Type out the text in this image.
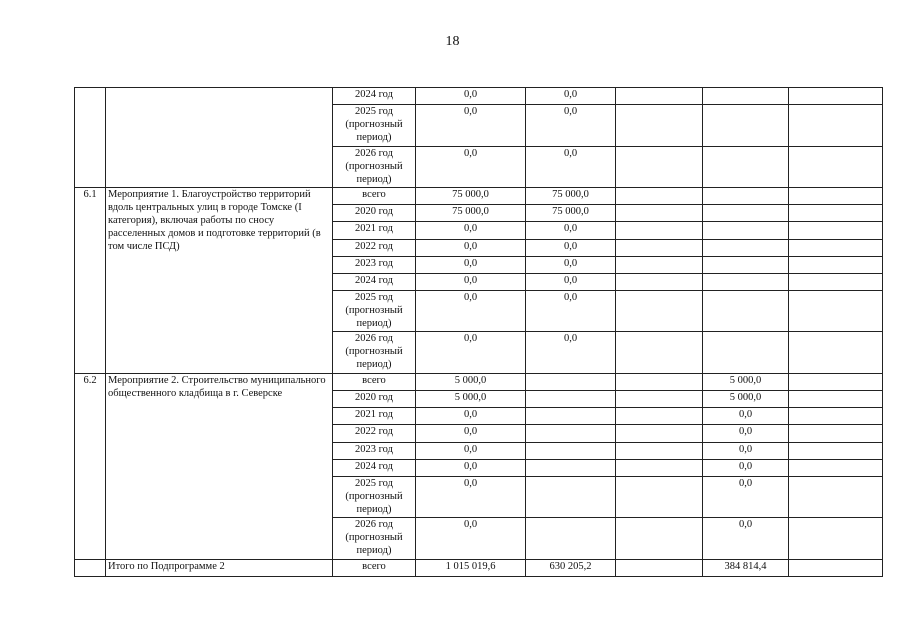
18
		2024 год	0,0	0,0			
		2025 год (прогнозный период)	0,0	0,0			
		2026 год (прогнозный период)	0,0	0,0			
6.1	Мероприятие 1. Благоустройство территорий вдоль центральных улиц в городе Томске (I категория), включая работы по сносу расселенных домов и подготовке территорий (в том числе ПСД)	всего	75 000,0	75 000,0			
		2020 год	75 000,0	75 000,0			
		2021 год	0,0	0,0			
		2022 год	0,0	0,0			
		2023 год	0,0	0,0			
		2024 год	0,0	0,0			
		2025 год (прогнозный период)	0,0	0,0			
		2026 год (прогнозный период)	0,0	0,0			
6.2	Мероприятие 2. Строительство муниципального общественного кладбища в г. Северске	всего	5 000,0			5 000,0	
		2020 год	5 000,0			5 000,0	
		2021 год	0,0			0,0	
		2022 год	0,0			0,0	
		2023 год	0,0			0,0	
		2024 год	0,0			0,0	
		2025 год (прогнозный период)	0,0			0,0	
		2026 год (прогнозный период)	0,0			0,0	
	Итого по Подпрограмме 2	всего	1 015 019,6	630 205,2		384 814,4	
